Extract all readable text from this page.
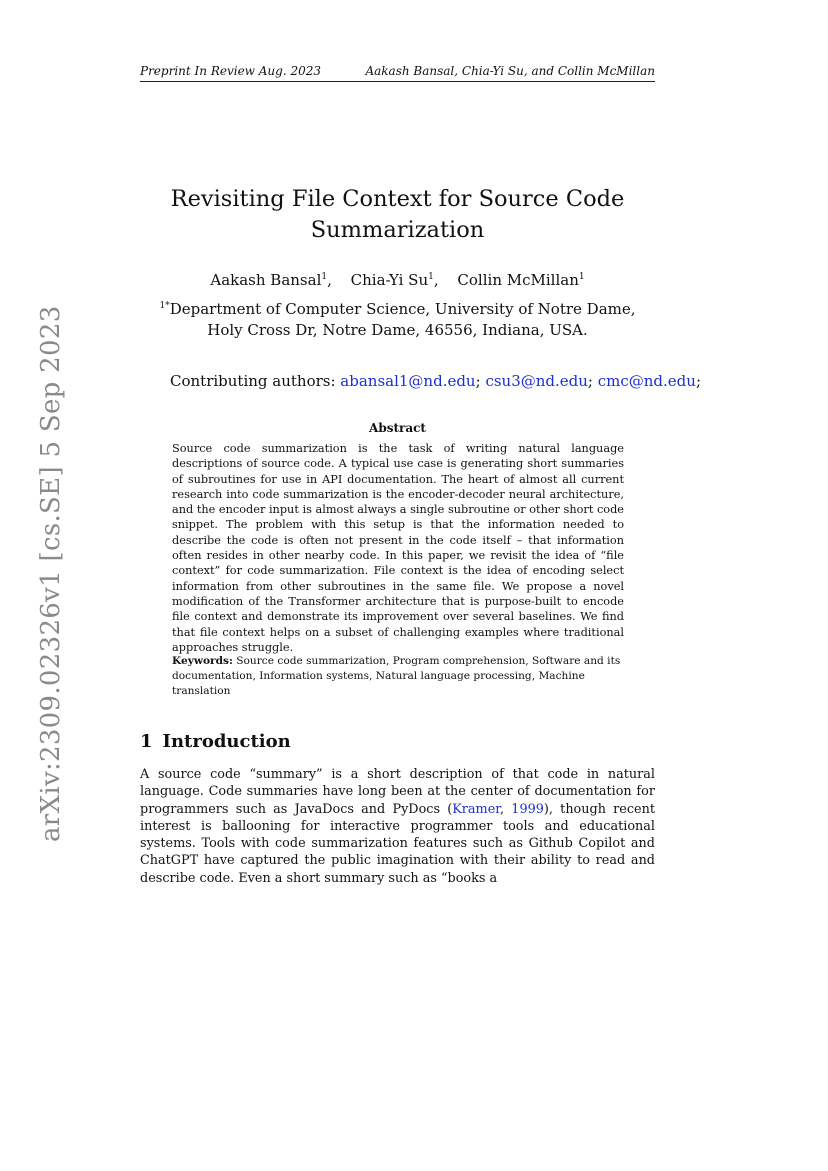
Preprint In Review Aug. 2023	Aakash Bansal, Chia-Yi Su, and Collin McMillan
arXiv:2309.02326v1 [cs.SE] 5 Sep 2023
Revisiting File Context for Source Code
Summarization
Aakash Bansal$^1$, Chia-Yi Su$^1$, Collin McMillan$^1$
$^{1*}$Department of Computer Science, University of Notre Dame,
Holy Cross Dr, Notre Dame, 46556, Indiana, USA.
Contributing authors: abansal1@nd.edu; csu3@nd.edu; cmc@nd.edu;
Abstract
Source code summarization is the task of writing natural language descriptions of source code. A typical use case is generating short summaries of subroutines for use in API documentation. The heart of almost all current research into code summarization is the encoder-decoder neural architecture, and the encoder input is almost always a single subroutine or other short code snippet. The problem with this setup is that the information needed to describe the code is often not present in the code itself – that information often resides in other nearby code. In this paper, we revisit the idea of “file context” for code summarization. File context is the idea of encoding select information from other subroutines in the same file. We propose a novel modification of the Transformer architecture that is purpose-built to encode file context and demonstrate its improvement over several baselines. We find that file context helps on a subset of challenging examples where traditional approaches struggle.
Keywords: Source code summarization, Program comprehension, Software and its documentation, Information systems, Natural language processing, Machine translation
1 Introduction
A source code “summary” is a short description of that code in natural language. Code summaries have long been at the center of documentation for programmers such as JavaDocs and PyDocs (Kramer, 1999), though recent interest is ballooning for interactive programmer tools and educational systems. Tools with code summarization features such as Github Copilot and ChatGPT have captured the public imagination with their ability to read and describe code. Even a short summary such as “books a
